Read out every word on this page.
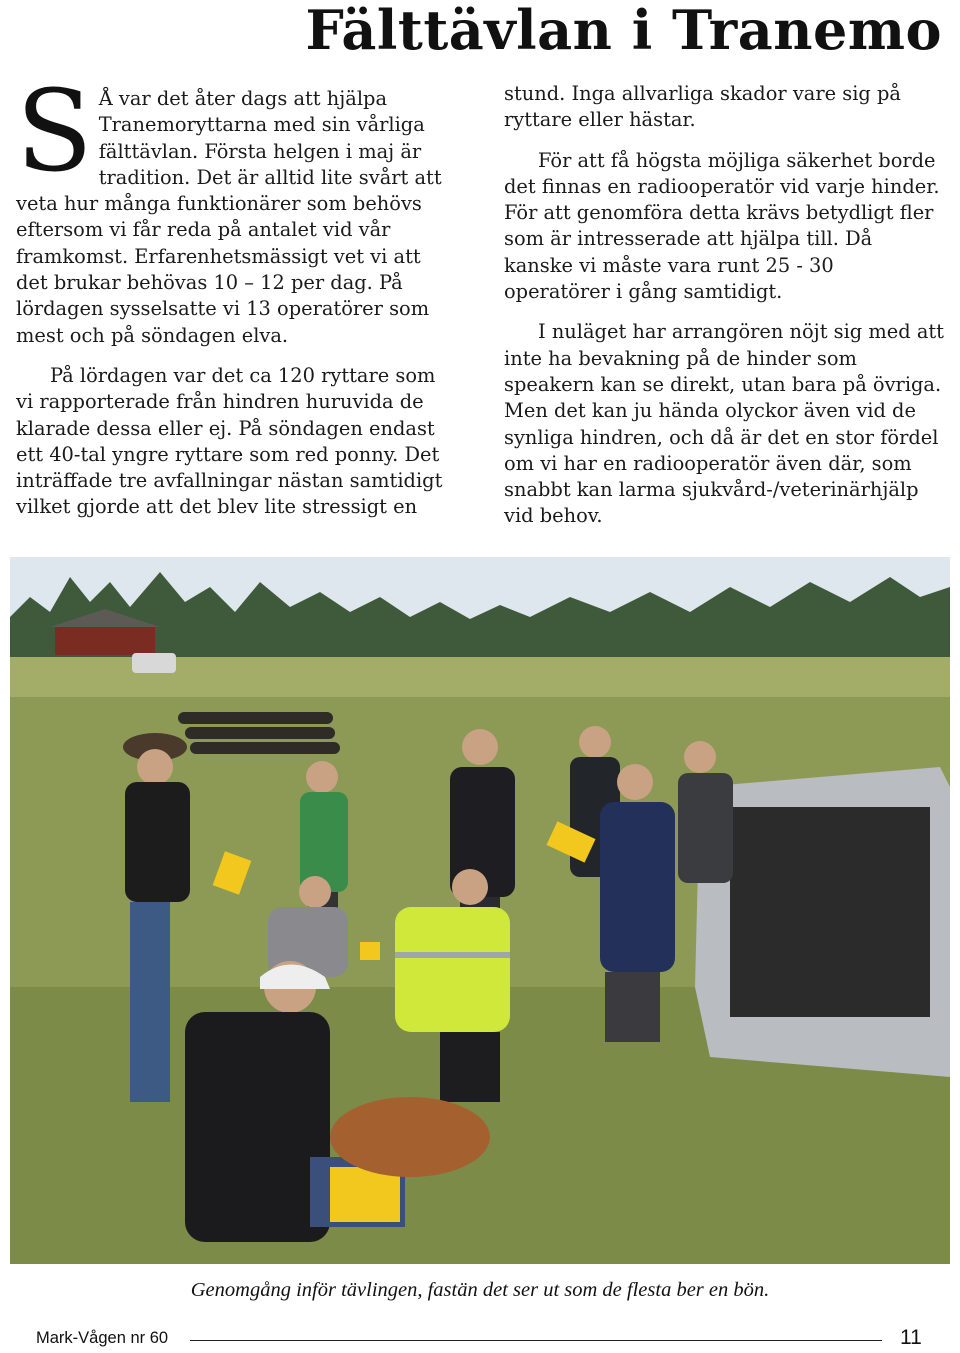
Fälttävlan i Tranemo

S Å var det åter dags att hjälpa Tranemoryttarna med sin vårliga fälttävlan. Första helgen i maj är tradition. Det är alltid lite svårt att veta hur många funktionärer som behövs eftersom vi får reda på antalet vid vår framkomst. Erfarenhetsmässigt vet vi att det brukar behövas 10 – 12 per dag. På lördagen sysselsatte vi 13 operatörer som mest och på söndagen elva.

På lördagen var det ca 120 ryttare som vi rapporterade från hindren huruvida de klarade dessa eller ej. På söndagen endast ett 40-tal yngre ryttare som red ponny. Det inträffade tre avfallningar nästan samtidigt vilket gjorde att det blev lite stressigt en

stund. Inga allvarliga skador vare sig på ryttare eller hästar.

För att få högsta möjliga säkerhet borde det finnas en radiooperatör vid varje hinder. För att genomföra detta krävs betydligt fler som är intresserade att hjälpa till. Då kanske vi måste vara runt 25 - 30 operatörer i gång samtidigt.

I nuläget har arrangören nöjt sig med att inte ha bevakning på de hinder som speakern kan se direkt, utan bara på övriga. Men det kan ju hända olyckor även vid de synliga hindren, och då är det en stor fördel om vi har en radiooperatör även där, som snabbt kan larma sjukvård-/veterinärhjälp vid behov.

Genomgång inför tävlingen, fastän det ser ut som de flesta ber en bön.
Mark-Vågen nr 60	11
